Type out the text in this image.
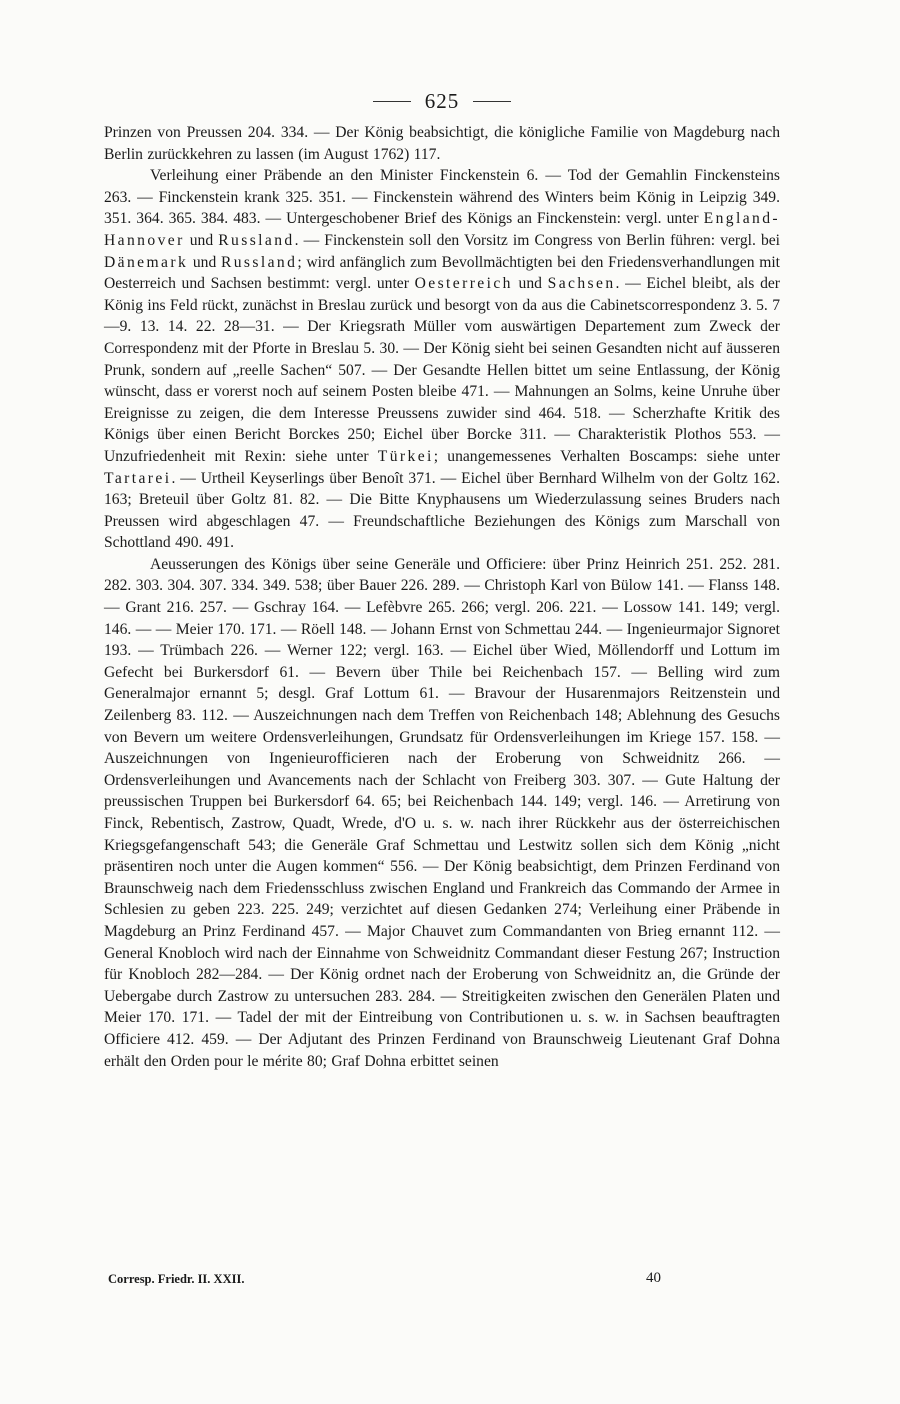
625

Prinzen von Preussen 204. 334. — Der König beabsichtigt, die königliche Familie von Magdeburg nach Berlin zurückkehren zu lassen (im August 1762) 117.

Verleihung einer Präbende an den Minister Finckenstein 6. — Tod der Gemahlin Finckensteins 263. — Finckenstein krank 325. 351. — Finckenstein während des Winters beim König in Leipzig 349. 351. 364. 365. 384. 483. — Untergeschobener Brief des Königs an Finckenstein: vergl. unter England-Hannover und Russland. — Finckenstein soll den Vorsitz im Congress von Berlin führen: vergl. bei Dänemark und Russland; wird anfänglich zum Bevollmächtigten bei den Friedensverhandlungen mit Oesterreich und Sachsen bestimmt: vergl. unter Oesterreich und Sachsen. — Eichel bleibt, als der König ins Feld rückt, zunächst in Breslau zurück und besorgt von da aus die Cabinetscorrespondenz 3. 5. 7—9. 13. 14. 22. 28—31. — Der Kriegsrath Müller vom auswärtigen Departement zum Zweck der Correspondenz mit der Pforte in Breslau 5. 30. — Der König sieht bei seinen Gesandten nicht auf äusseren Prunk, sondern auf „reelle Sachen“ 507. — Der Gesandte Hellen bittet um seine Entlassung, der König wünscht, dass er vorerst noch auf seinem Posten bleibe 471. — Mahnungen an Solms, keine Unruhe über Ereignisse zu zeigen, die dem Interesse Preussens zuwider sind 464. 518. — Scherzhafte Kritik des Königs über einen Bericht Borckes 250; Eichel über Borcke 311. — Charakteristik Plothos 553. — Unzufriedenheit mit Rexin: siehe unter Türkei; unangemessenes Verhalten Boscamps: siehe unter Tartarei. — Urtheil Keyserlings über Benoît 371. — Eichel über Bernhard Wilhelm von der Goltz 162. 163; Breteuil über Goltz 81. 82. — Die Bitte Knyphausens um Wiederzulassung seines Bruders nach Preussen wird abgeschlagen 47. — Freundschaftliche Beziehungen des Königs zum Marschall von Schottland 490. 491.

Aeusserungen des Königs über seine Generäle und Officiere: über Prinz Heinrich 251. 252. 281. 282. 303. 304. 307. 334. 349. 538; über Bauer 226. 289. — Christoph Karl von Bülow 141. — Flanss 148. — Grant 216. 257. — Gschray 164. — Lefèbvre 265. 266; vergl. 206. 221. — Lossow 141. 149; vergl. 146. — — Meier 170. 171. — Röell 148. — Johann Ernst von Schmettau 244. — Ingenieurmajor Signoret 193. — Trümbach 226. — Werner 122; vergl. 163. — Eichel über Wied, Möllendorff und Lottum im Gefecht bei Burkersdorf 61. — Bevern über Thile bei Reichenbach 157. — Belling wird zum Generalmajor ernannt 5; desgl. Graf Lottum 61. — Bravour der Husarenmajors Reitzenstein und Zeilenberg 83. 112. — Auszeichnungen nach dem Treffen von Reichenbach 148; Ablehnung des Gesuchs von Bevern um weitere Ordensverleihungen, Grundsatz für Ordensverleihungen im Kriege 157. 158. — Auszeichnungen von Ingenieurofficieren nach der Eroberung von Schweidnitz 266. — Ordensverleihungen und Avancements nach der Schlacht von Freiberg 303. 307. — Gute Haltung der preussischen Truppen bei Burkersdorf 64. 65; bei Reichenbach 144. 149; vergl. 146. — Arretirung von Finck, Rebentisch, Zastrow, Quadt, Wrede, d'O u. s. w. nach ihrer Rückkehr aus der österreichischen Kriegsgefangenschaft 543; die Generäle Graf Schmettau und Lestwitz sollen sich dem König „nicht präsentiren noch unter die Augen kommen“ 556. — Der König beabsichtigt, dem Prinzen Ferdinand von Braunschweig nach dem Friedensschluss zwischen England und Frankreich das Commando der Armee in Schlesien zu geben 223. 225. 249; verzichtet auf diesen Gedanken 274; Verleihung einer Präbende in Magdeburg an Prinz Ferdinand 457. — Major Chauvet zum Commandanten von Brieg ernannt 112. — General Knobloch wird nach der Einnahme von Schweidnitz Commandant dieser Festung 267; Instruction für Knobloch 282—284. — Der König ordnet nach der Eroberung von Schweidnitz an, die Gründe der Uebergabe durch Zastrow zu untersuchen 283. 284. — Streitigkeiten zwischen den Generälen Platen und Meier 170. 171. — Tadel der mit der Eintreibung von Contributionen u. s. w. in Sachsen beauftragten Officiere 412. 459. — Der Adjutant des Prinzen Ferdinand von Braunschweig Lieutenant Graf Dohna erhält den Orden pour le mérite 80; Graf Dohna erbittet seinen

Corresp. Friedr. II. XXII.	40
